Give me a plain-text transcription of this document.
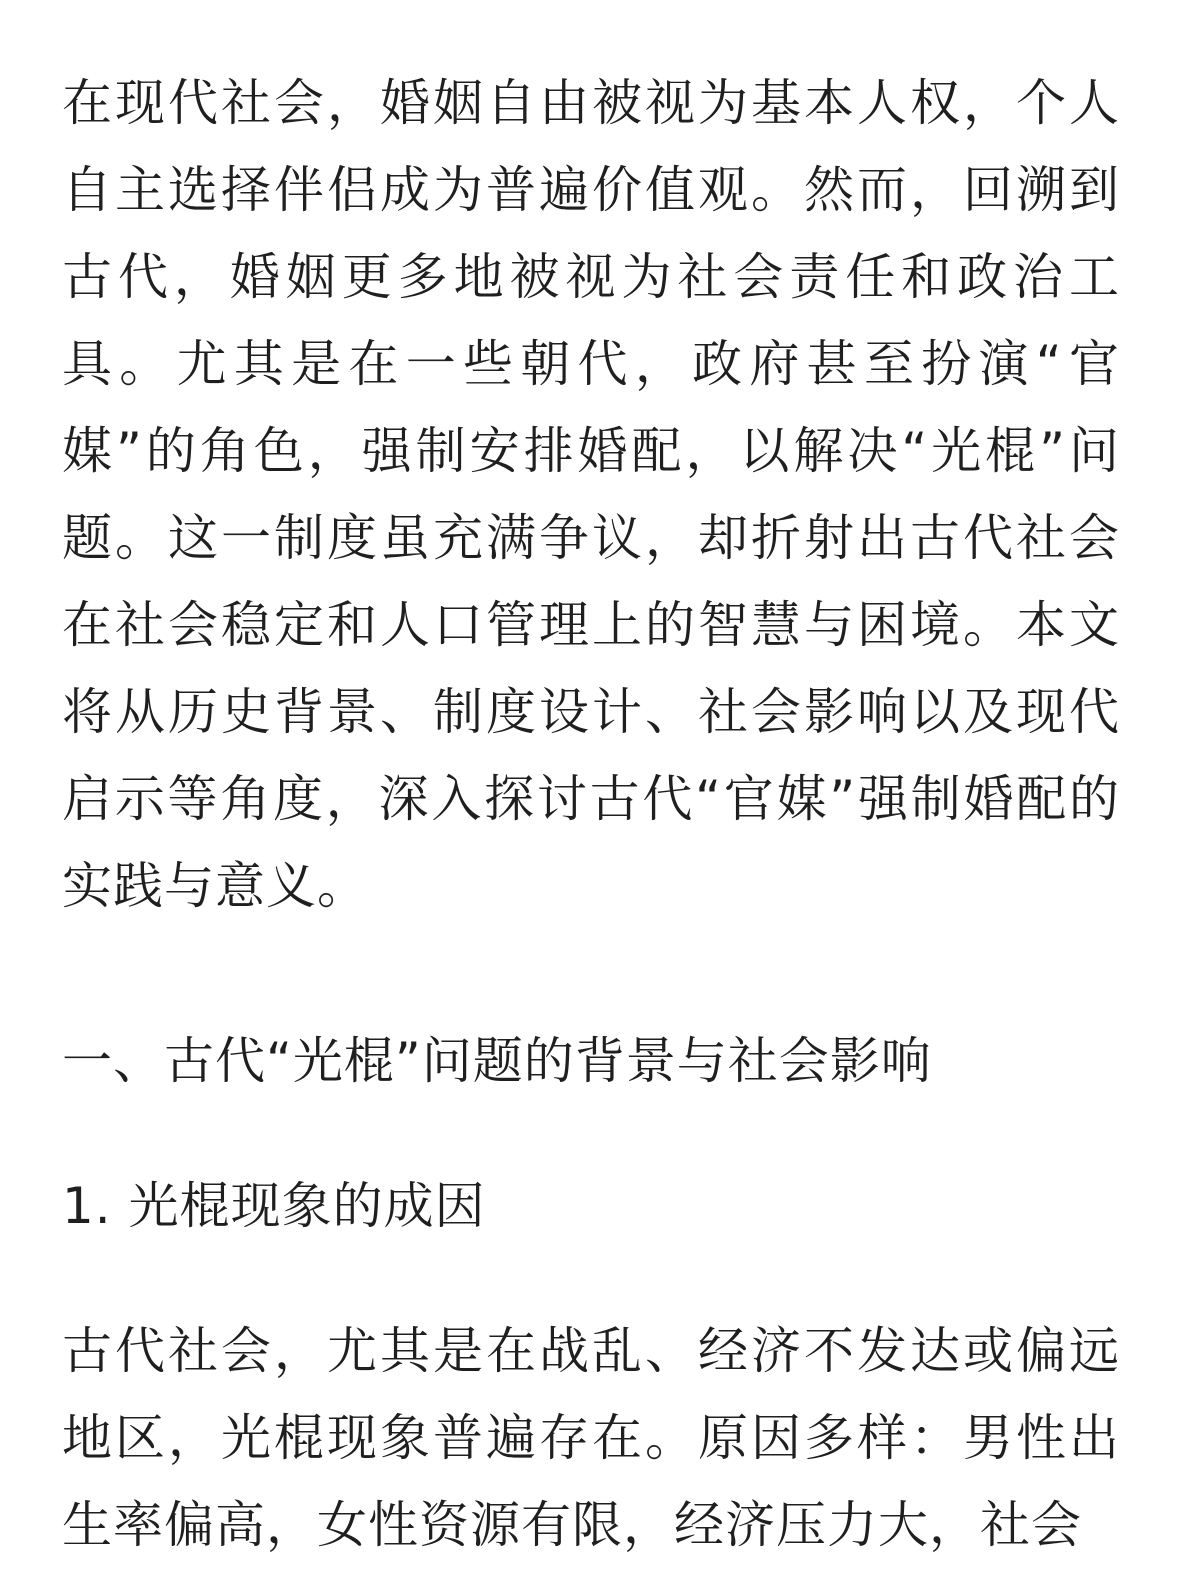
在现代社会，婚姻自由被视为基本人权，个人自主选择伴侣成为普遍价值观。然而，回溯到古代，婚姻更多地被视为社会责任和政治工具。尤其是在一些朝代，政府甚至扮演“官媒”的角色，强制安排婚配，以解决“光棍”问题。这一制度虽充满争议，却折射出古代社会在社会稳定和人口管理上的智慧与困境。本文将从历史背景、制度设计、社会影响以及现代启示等角度，深入探讨古代“官媒”强制婚配的实践与意义。

一、古代“光棍”问题的背景与社会影响

1. 光棍现象的成因

古代社会，尤其是在战乱、经济不发达或偏远地区，光棍现象普遍存在。原因多样：男性出生率偏高，女性资源有限，经济压力大，社会
